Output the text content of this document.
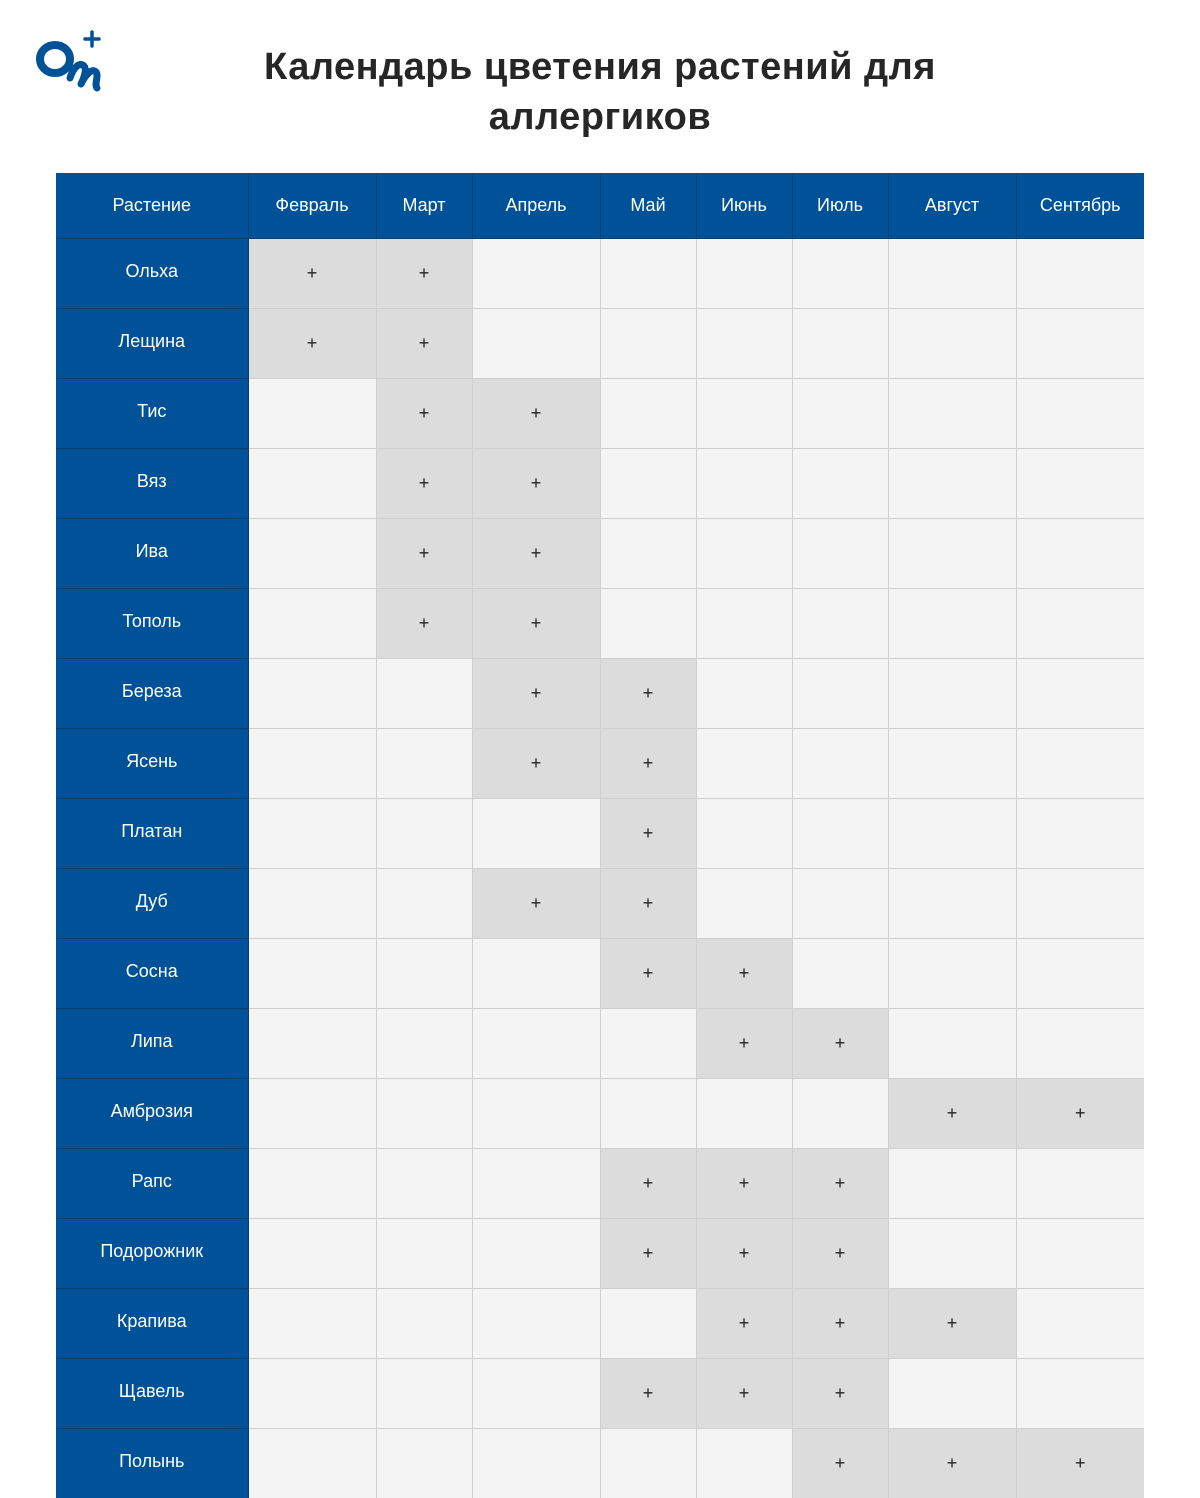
Календарь цветения растений для
аллергиков
Растение	Февраль	Март	Апрель	Май	Июнь	Июль	Август	Сентябрь
Ольха	+	+						
Лещина	+	+						
Тис		+	+					
Вяз		+	+					
Ива		+	+					
Тополь		+	+					
Береза			+	+				
Ясень			+	+				
Платан				+				
Дуб			+	+				
Сосна				+	+			
Липа					+	+		
Амброзия							+	+
Рапс				+	+	+		
Подорожник				+	+	+		
Крапива					+	+	+	
Щавель				+	+	+		
Полынь						+	+	+
